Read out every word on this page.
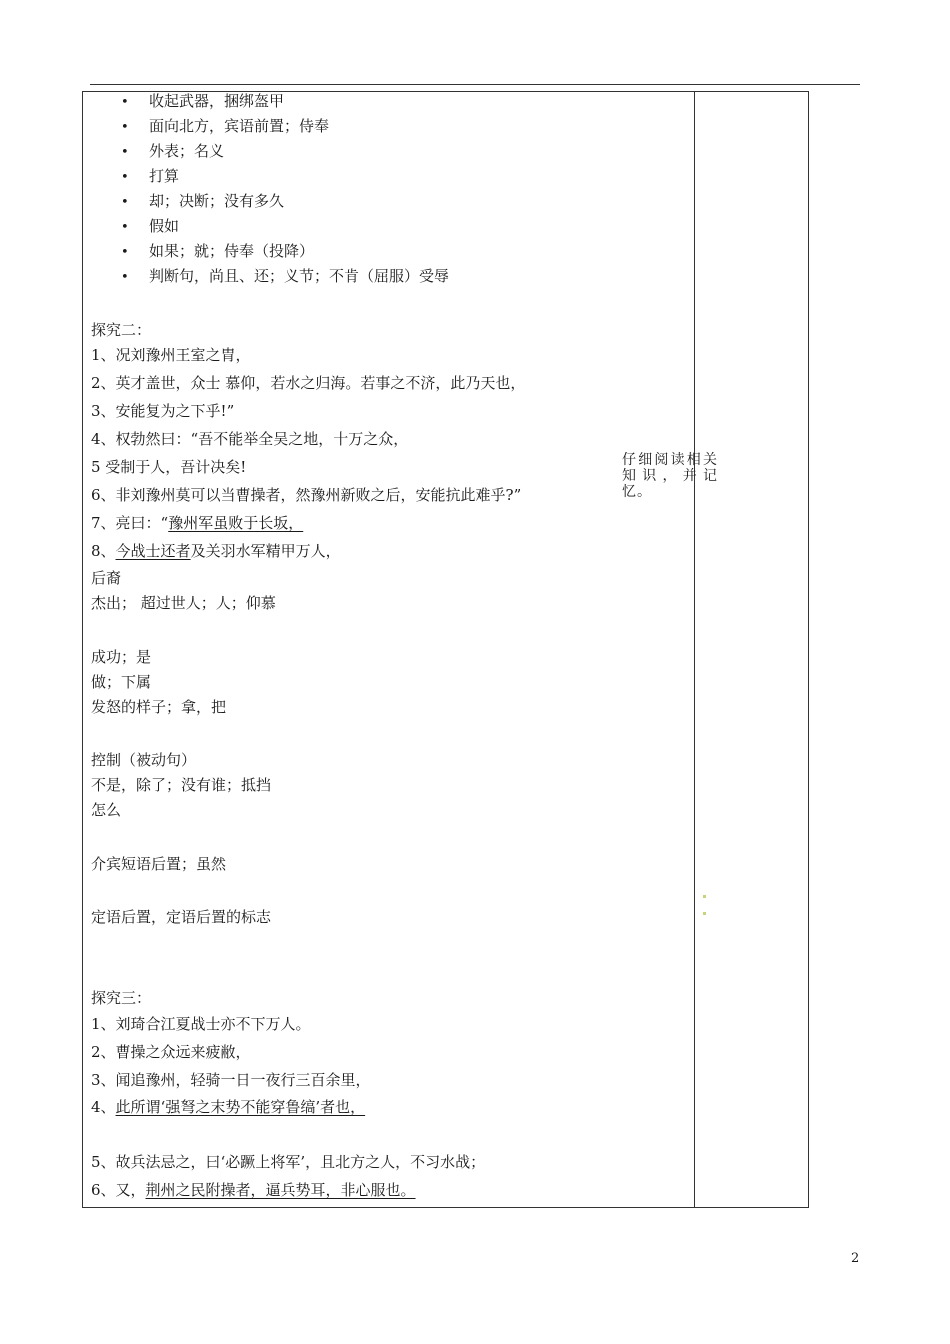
• 收起武器，捆绑盔甲
• 面向北方，宾语前置；侍奉
• 外表；名义
• 打算
• 却；决断；没有多久
• 假如
• 如果；就；侍奉（投降）
• 判断句，尚且、还；义节；不肯（屈服）受辱
探究二：
1、况刘豫州王室之胄，
2、英才盖世，众士 慕仰，若水之归海。若事之不济，此乃天也，
3、安能复为之下乎!”
4、权勃然曰：“吾不能举全吴之地，十万之众，
5 受制于人，吾计决矣!
6、非刘豫州莫可以当曹操者，然豫州新败之后，安能抗此难乎?”
7、亮曰：“豫州军虽败于长坂，
8、今战士还者及关羽水军精甲万人，
后裔
杰出； 超过世人；人；仰慕
成功；是
做；下属
发怒的样子；拿，把
控制（被动句）
不是，除了；没有谁；抵挡
怎么
介宾短语后置；虽然
定语后置，定语后置的标志
探究三：
1、刘琦合江夏战士亦不下万人。
2、曹操之众远来疲敝，
3、闻追豫州，轻骑一日一夜行三百余里，
4、此所谓‘强弩之末势不能穿鲁缟’者也，
5、故兵法忌之，曰‘必蹶上将军’，且北方之人，不习水战；
6、又，荆州之民附操者，逼兵势耳，非心服也。
仔细阅读相关知识，并记忆。
2
